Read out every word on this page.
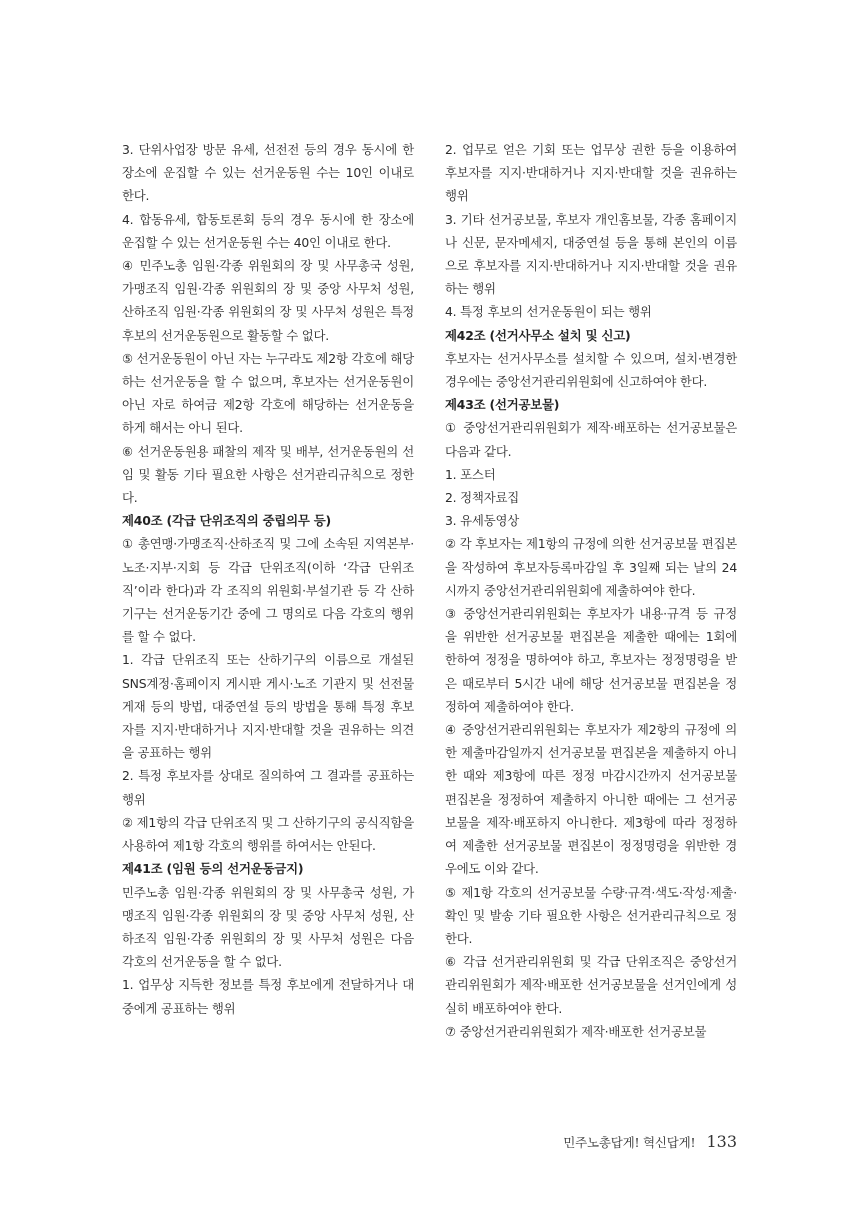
3. 단위사업장 방문 유세, 선전전 등의 경우 동시에 한 장소에 운집할 수 있는 선거운동원 수는 10인 이내로 한다.

4. 합동유세, 합동토론회 등의 경우 동시에 한 장소에 운집할 수 있는 선거운동원 수는 40인 이내로 한다.

④ 민주노총 임원·각종 위원회의 장 및 사무총국 성원, 가맹조직 임원·각종 위원회의 장 및 중앙 사무처 성원, 산하조직 임원·각종 위원회의 장 및 사무처 성원은 특정후보의 선거운동원으로 활동할 수 없다.

⑤ 선거운동원이 아닌 자는 누구라도 제2항 각호에 해당하는 선거운동을 할 수 없으며, 후보자는 선거운동원이 아닌 자로 하여금 제2항 각호에 해당하는 선거운동을 하게 해서는 아니 된다.

⑥ 선거운동원용 패찰의 제작 및 배부, 선거운동원의 선임 및 활동 기타 필요한 사항은 선거관리규칙으로 정한다.

제40조 (각급 단위조직의 중립의무 등)

① 총연맹·가맹조직·산하조직 및 그에 소속된 지역본부·노조·지부·지회 등 각급 단위조직(이하 ‘각급 단위조직’이라 한다)과 각 조직의 위원회·부설기관 등 각 산하기구는 선거운동기간 중에 그 명의로 다음 각호의 행위를 할 수 없다.

1. 각급 단위조직 또는 산하기구의 이름으로 개설된 SNS계정·홈페이지 게시판 게시·노조 기관지 및 선전물 게재 등의 방법, 대중연설 등의 방법을 통해 특정 후보자를 지지·반대하거나 지지·반대할 것을 권유하는 의견을 공표하는 행위

2. 특정 후보자를 상대로 질의하여 그 결과를 공표하는 행위

② 제1항의 각급 단위조직 및 그 산하기구의 공식직함을 사용하여 제1항 각호의 행위를 하여서는 안된다.

제41조 (임원 등의 선거운동금지)

민주노총 임원·각종 위원회의 장 및 사무총국 성원, 가맹조직 임원·각종 위원회의 장 및 중앙 사무처 성원, 산하조직 임원·각종 위원회의 장 및 사무처 성원은 다음 각호의 선거운동을 할 수 없다.

1. 업무상 지득한 정보를 특정 후보에게 전달하거나 대중에게 공표하는 행위

2. 업무로 얻은 기회 또는 업무상 권한 등을 이용하여 후보자를 지지·반대하거나 지지·반대할 것을 권유하는 행위

3. 기타 선거공보물, 후보자 개인홈보물, 각종 홈페이지나 신문, 문자메세지, 대중연설 등을 통해 본인의 이름으로 후보자를 지지·반대하거나 지지·반대할 것을 권유하는 행위

4. 특정 후보의 선거운동원이 되는 행위

제42조 (선거사무소 설치 및 신고)

후보자는 선거사무소를 설치할 수 있으며, 설치·변경한 경우에는 중앙선거관리위원회에 신고하여야 한다.

제43조 (선거공보물)

① 중앙선거관리위원회가 제작·배포하는 선거공보물은 다음과 같다.

1. 포스터

2. 정책자료집

3. 유세동영상

② 각 후보자는 제1항의 규정에 의한 선거공보물 편집본을 작성하여 후보자등록마감일 후 3일째 되는 날의 24시까지 중앙선거관리위원회에 제출하여야 한다.

③ 중앙선거관리위원회는 후보자가 내용·규격 등 규정을 위반한 선거공보물 편집본을 제출한 때에는 1회에 한하여 정정을 명하여야 하고, 후보자는 정정명령을 받은 때로부터 5시간 내에 해당 선거공보물 편집본을 정정하여 제출하여야 한다.

④ 중앙선거관리위원회는 후보자가 제2항의 규정에 의한 제출마감일까지 선거공보물 편집본을 제출하지 아니한 때와 제3항에 따른 정정 마감시간까지 선거공보물 편집본을 정정하여 제출하지 아니한 때에는 그 선거공보물을 제작·배포하지 아니한다. 제3항에 따라 정정하여 제출한 선거공보물 편집본이 정정명령을 위반한 경우에도 이와 같다.

⑤ 제1항 각호의 선거공보물 수량·규격·색도·작성·제출·확인 및 발송 기타 필요한 사항은 선거관리규칙으로 정한다.

⑥ 각급 선거관리위원회 및 각급 단위조직은 중앙선거관리위원회가 제작·배포한 선거공보물을 선거인에게 성실히 배포하여야 한다.

⑦ 중앙선거관리위원회가 제작·배포한 선거공보물

민주노총답게! 혁신답게! 133
